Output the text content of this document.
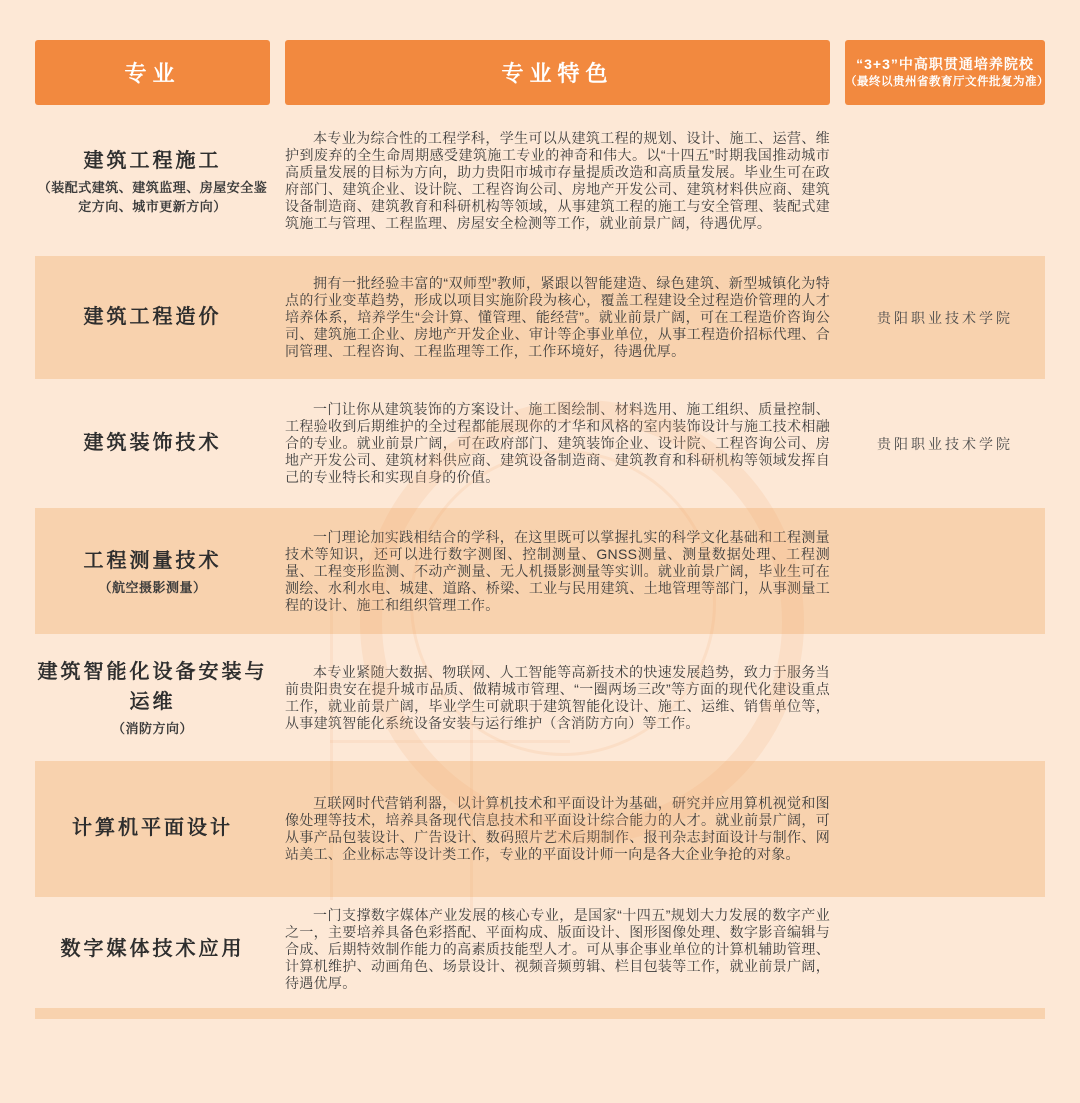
专业	专业特色	“3+3”中高职贯通培养院校
（最终以贵州省教育厅文件批复为准）
建筑工程施工
（装配式建筑、建筑监理、房屋安全鉴定方向、城市更新方向）
本专业为综合性的工程学科，学生可以从建筑工程的规划、设计、施工、运营、维护到废弃的全生命周期感受建筑施工专业的神奇和伟大。以“十四五”时期我国推动城市高质量发展的目标为方向，助力贵阳市城市存量提质改造和高质量发展。毕业生可在政府部门、建筑企业、设计院、工程咨询公司、房地产开发公司、建筑材料供应商、建筑设备制造商、建筑教育和科研机构等领域，从事建筑工程的施工与安全管理、装配式建筑施工与管理、工程监理、房屋安全检测等工作，就业前景广阔，待遇优厚。
建筑工程造价
拥有一批经验丰富的“双师型”教师，紧跟以智能建造、绿色建筑、新型城镇化为特点的行业变革趋势，形成以项目实施阶段为核心，覆盖工程建设全过程造价管理的人才培养体系，培养学生“会计算、懂管理、能经营”。就业前景广阔，可在工程造价咨询公司、建筑施工企业、房地产开发企业、审计等企事业单位，从事工程造价招标代理、合同管理、工程咨询、工程监理等工作，工作环境好，待遇优厚。
贵阳职业技术学院
建筑装饰技术
一门让你从建筑装饰的方案设计、施工图绘制、材料选用、施工组织、质量控制、工程验收到后期维护的全过程都能展现你的才华和风格的室内装饰设计与施工技术相融合的专业。就业前景广阔，可在政府部门、建筑装饰企业、设计院、工程咨询公司、房地产开发公司、建筑材料供应商、建筑设备制造商、建筑教育和科研机构等领域发挥自己的专业特长和实现自身的价值。
贵阳职业技术学院
工程测量技术
（航空摄影测量）
一门理论加实践相结合的学科，在这里既可以掌握扎实的科学文化基础和工程测量技术等知识，还可以进行数字测图、控制测量、GNSS测量、测量数据处理、工程测量、工程变形监测、不动产测量、无人机摄影测量等实训。就业前景广阔，毕业生可在测绘、水利水电、城建、道路、桥梁、工业与民用建筑、土地管理等部门，从事测量工程的设计、施工和组织管理工作。
建筑智能化设备安装与运维
（消防方向）
本专业紧随大数据、物联网、人工智能等高新技术的快速发展趋势，致力于服务当前贵阳贵安在提升城市品质、做精城市管理、“一圈两场三改”等方面的现代化建设重点工作，就业前景广阔，毕业学生可就职于建筑智能化设计、施工、运维、销售单位等，从事建筑智能化系统设备安装与运行维护（含消防方向）等工作。
计算机平面设计
互联网时代营销利器，以计算机技术和平面设计为基础，研究并应用算机视觉和图像处理等技术，培养具备现代信息技术和平面设计综合能力的人才。就业前景广阔，可从事产品包装设计、广告设计、数码照片艺术后期制作、报刊杂志封面设计与制作、网站美工、企业标志等设计类工作，专业的平面设计师一向是各大企业争抢的对象。
数字媒体技术应用
一门支撑数字媒体产业发展的核心专业，是国家“十四五”规划大力发展的数字产业之一，主要培养具备色彩搭配、平面构成、版面设计、图形图像处理、数字影音编辑与合成、后期特效制作能力的高素质技能型人才。可从事企事业单位的计算机辅助管理、计算机维护、动画角色、场景设计、视频音频剪辑、栏目包装等工作，就业前景广阔，待遇优厚。
